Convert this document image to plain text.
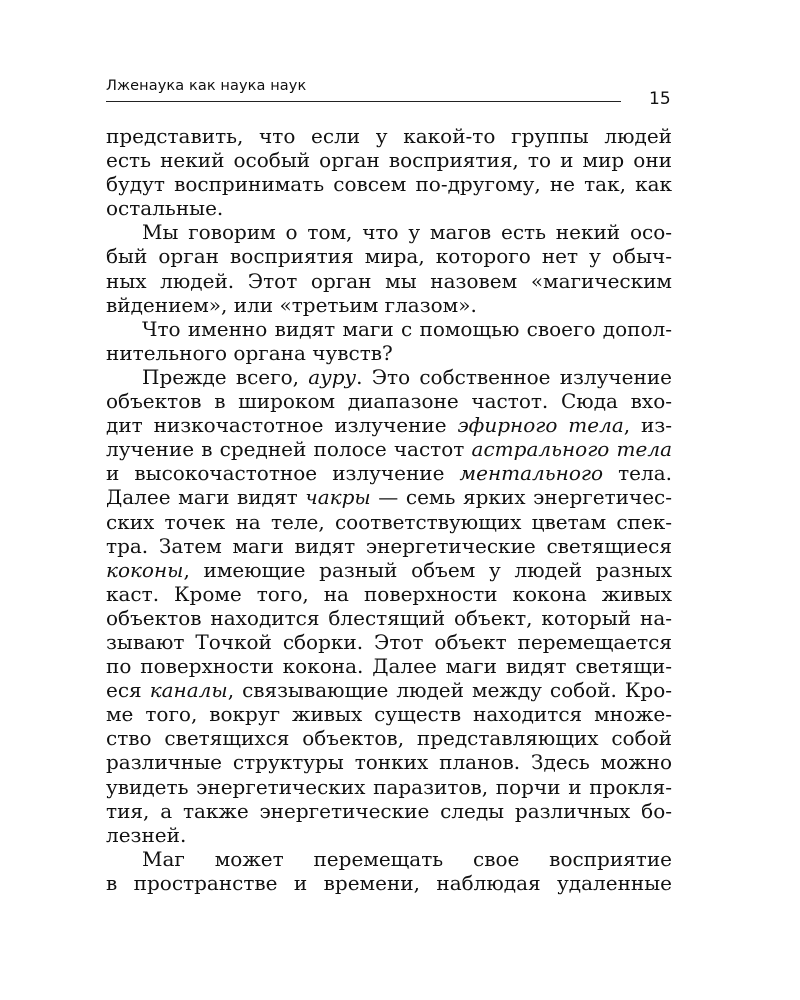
Лженаука как наука наук
15
представить, что если у какой-то группы людей
есть некий особый орган восприятия, то и мир они
будут воспринимать совсем по-другому, не так, как
остальные.
Мы говорим о том, что у магов есть некий осо-
бый орган восприятия мира, которого нет у обыч-
ных людей. Этот орган мы назовем «магическим
вйдением», или «третьим глазом».
Что именно видят маги с помощью своего допол-
нительного органа чувств?
Прежде всего, ауру. Это собственное излучение
объектов в широком диапазоне частот. Сюда вхо-
дит низкочастотное излучение эфирного тела, из-
лучение в средней полосе частот астрального тела
и высокочастотное излучение ментального тела.
Далее маги видят чакры — семь ярких энергетичес-
ских точек на теле, соответствующих цветам спек-
тра. Затем маги видят энергетические светящиеся
коконы, имеющие разный объем у людей разных
каст. Кроме того, на поверхности кокона живых
объектов находится блестящий объект, который на-
зывают Точкой сборки. Этот объект перемещается
по поверхности кокона. Далее маги видят светящи-
еся каналы, связывающие людей между собой. Кро-
ме того, вокруг живых существ находится множе-
ство светящихся объектов, представляющих собой
различные структуры тонких планов. Здесь можно
увидеть энергетических паразитов, порчи и прокля-
тия, а также энергетические следы различных бо-
лезней.
Маг может перемещать свое восприятие
в пространстве и времени, наблюдая удаленные
